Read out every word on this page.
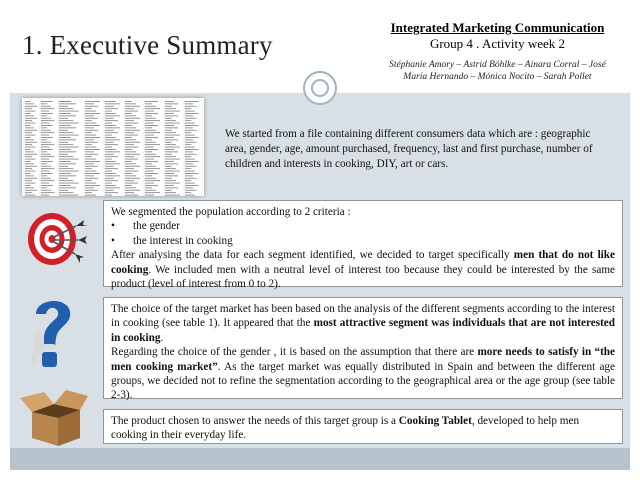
1. Executive Summary
Integrated Marketing Communication
Group 4 . Activity week 2
Stéphanie Amory – Astrid Böhlke – Ainara Corral – José
María Hernando – Mónica Nocito – Sarah Pollet
We started from a file containing different consumers data which are : geographic area, gender, age, amount purchased, frequency, last and first purchase, number of children and interests in cooking, DIY, art or cars.
We segmented the population according to 2 criteria :
•	the gender
•	the interest in cooking
After analysing the data for each segment identified, we decided to target specifically men that do not like cooking. We included men with a neutral level of interest too because they could be interested by the same product (level of interest from 0 to 2).
The choice of the target market has been based on the analysis of the different segments according to the interest in cooking (see table 1). It appeared that the most attractive segment was individuals that are not interested in cooking.
Regarding the choice of the gender , it is based on the assumption that there are more needs to satisfy in “the men cooking market”. As the target market was equally distributed in Spain and between the different age groups, we decided not to refine the segmentation according to the geographical area or the age group (see table 2-3).
The product chosen to answer the needs of this target group is a Cooking Tablet, developed to help men cooking in their everyday life.
